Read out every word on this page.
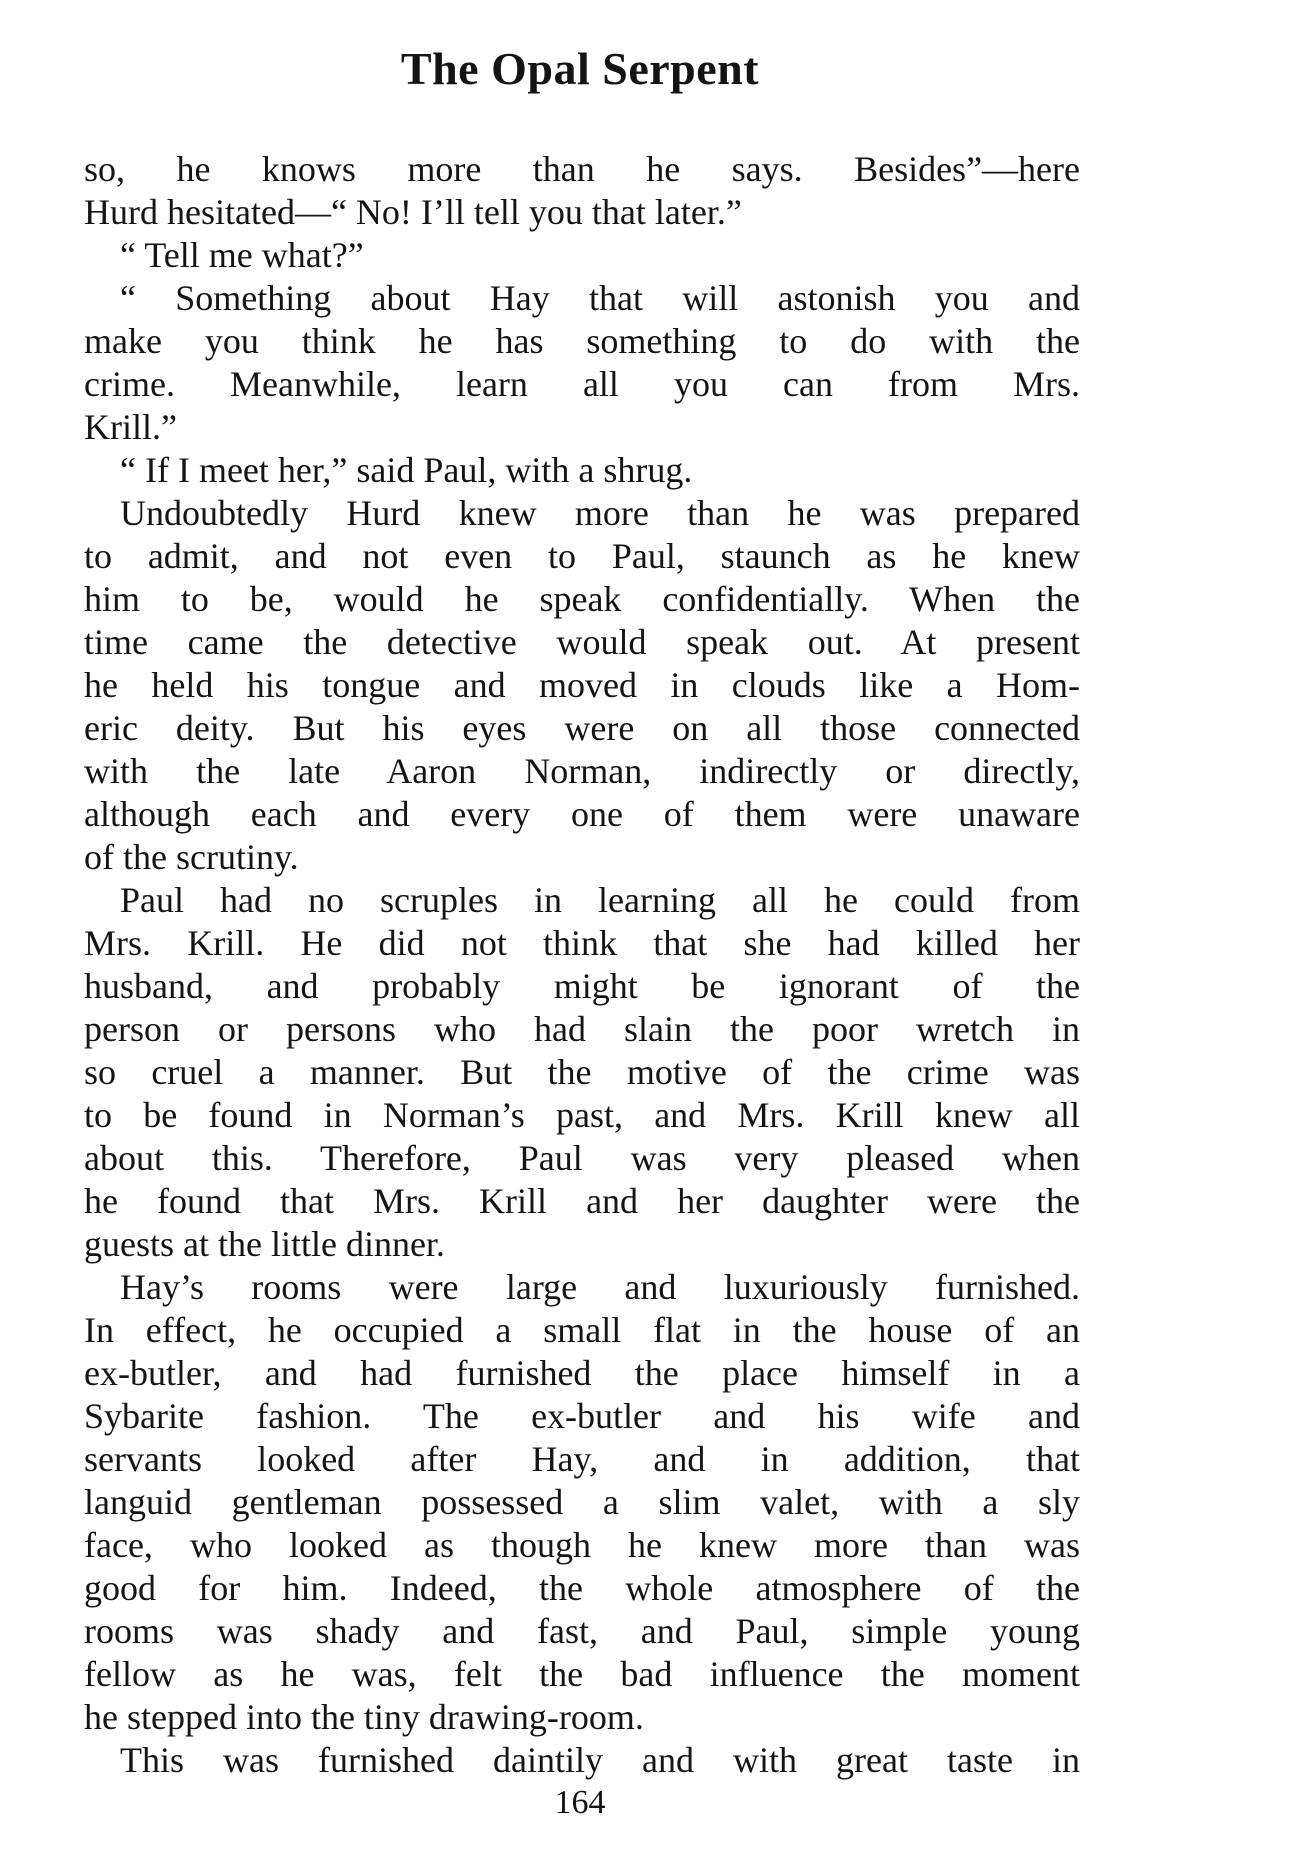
The Opal Serpent
so, he knows more than he says. Besides”—here
Hurd hesitated—“ No! I’ll tell you that later.”
“ Tell me what?”
“ Something about Hay that will astonish you and
make you think he has something to do with the
crime. Meanwhile, learn all you can from Mrs.
Krill.”
“ If I meet her,” said Paul, with a shrug.
Undoubtedly Hurd knew more than he was prepared
to admit, and not even to Paul, staunch as he knew
him to be, would he speak confidentially. When the
time came the detective would speak out. At present
he held his tongue and moved in clouds like a Hom-
eric deity. But his eyes were on all those connected
with the late Aaron Norman, indirectly or directly,
although each and every one of them were unaware
of the scrutiny.
Paul had no scruples in learning all he could from
Mrs. Krill. He did not think that she had killed her
husband, and probably might be ignorant of the
person or persons who had slain the poor wretch in
so cruel a manner. But the motive of the crime was
to be found in Norman’s past, and Mrs. Krill knew all
about this. Therefore, Paul was very pleased when
he found that Mrs. Krill and her daughter were the
guests at the little dinner.
Hay’s rooms were large and luxuriously furnished.
In effect, he occupied a small flat in the house of an
ex-butler, and had furnished the place himself in a
Sybarite fashion. The ex-butler and his wife and
servants looked after Hay, and in addition, that
languid gentleman possessed a slim valet, with a sly
face, who looked as though he knew more than was
good for him. Indeed, the whole atmosphere of the
rooms was shady and fast, and Paul, simple young
fellow as he was, felt the bad influence the moment
he stepped into the tiny drawing-room.
This was furnished daintily and with great taste in
164
